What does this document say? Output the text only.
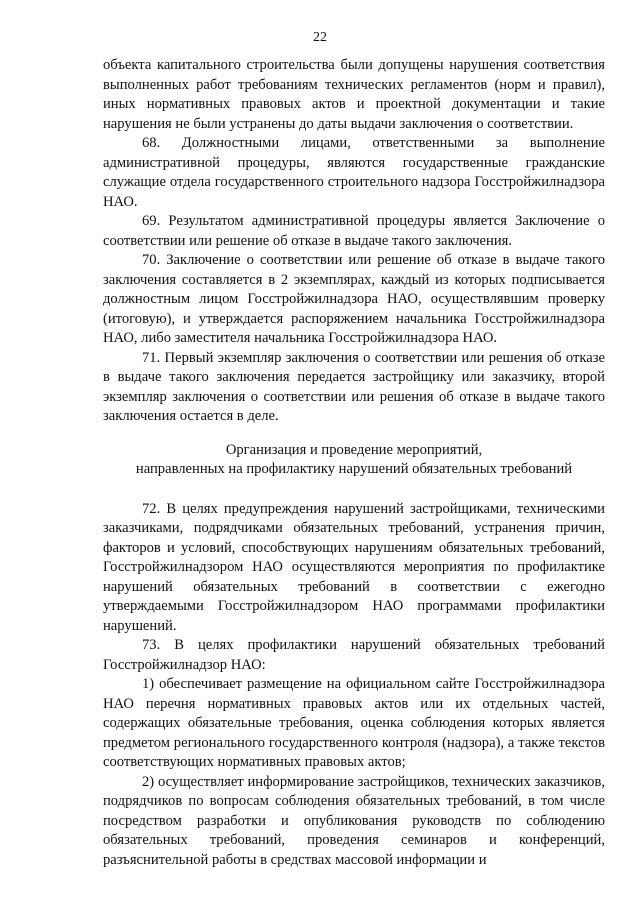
22

объекта капитального строительства были допущены нарушения соответствия выполненных работ требованиям технических регламентов (норм и правил), иных нормативных правовых актов и проектной документации и такие нарушения не были устранены до даты выдачи заключения о соответствии.

68. Должностными лицами, ответственными за выполнение административной процедуры, являются государственные гражданские служащие отдела государственного строительного надзора Госстройжилнадзора НАО.

69. Результатом административной процедуры является Заключение о соответствии или решение об отказе в выдаче такого заключения.

70. Заключение о соответствии или решение об отказе в выдаче такого заключения составляется в 2 экземплярах, каждый из которых подписывается должностным лицом Госстройжилнадзора НАО, осуществлявшим проверку (итоговую), и утверждается распоряжением начальника Госстройжилнадзора НАО, либо заместителя начальника Госстройжилнадзора НАО.

71. Первый экземпляр заключения о соответствии или решения об отказе в выдаче такого заключения передается застройщику или заказчику, второй экземпляр заключения о соответствии или решения об отказе в выдаче такого заключения остается в деле.

Организация и проведение мероприятий,
направленных на профилактику нарушений обязательных требований

72. В целях предупреждения нарушений застройщиками, техническими заказчиками, подрядчиками обязательных требований, устранения причин, факторов и условий, способствующих нарушениям обязательных требований, Госстройжилнадзором НАО осуществляются мероприятия по профилактике нарушений обязательных требований в соответствии с ежегодно утверждаемыми Госстройжилнадзором НАО программами профилактики нарушений.

73. В целях профилактики нарушений обязательных требований Госстройжилнадзор НАО:

1) обеспечивает размещение на официальном сайте Госстройжилнадзора НАО перечня нормативных правовых актов или их отдельных частей, содержащих обязательные требования, оценка соблюдения которых является предметом регионального государственного контроля (надзора), а также текстов соответствующих нормативных правовых актов;

2) осуществляет информирование застройщиков, технических заказчиков, подрядчиков по вопросам соблюдения обязательных требований, в том числе посредством разработки и опубликования руководств по соблюдению обязательных требований, проведения семинаров и конференций, разъяснительной работы в средствах массовой информации и
